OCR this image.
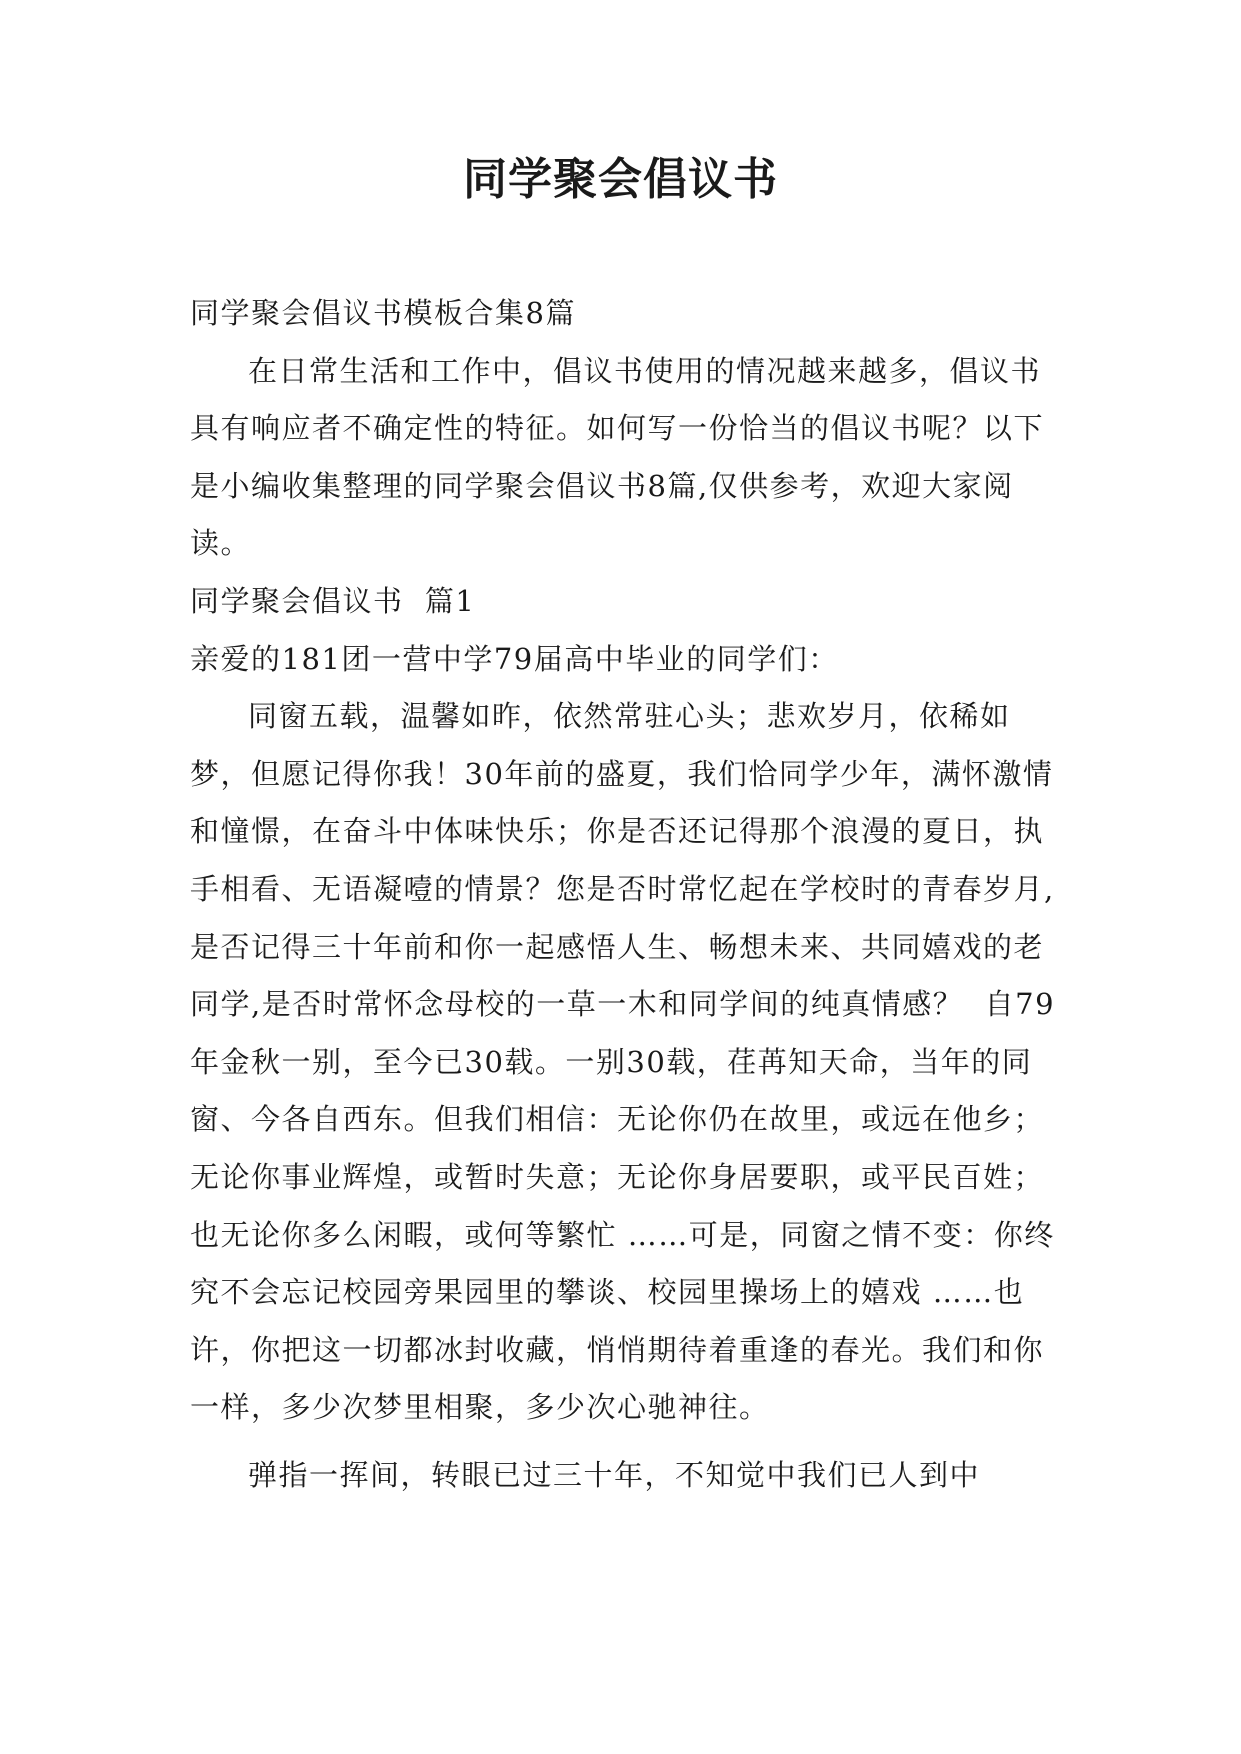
同学聚会倡议书

同学聚会倡议书模板合集8篇

在日常生活和工作中，倡议书使用的情况越来越多，倡议书具有响应者不确定性的特征。如何写一份恰当的倡议书呢？以下是小编收集整理的同学聚会倡议书8篇,仅供参考，欢迎大家阅读。

同学聚会倡议书  篇1

亲爱的181团一营中学79届高中毕业的同学们：

同窗五载，温馨如昨，依然常驻心头；悲欢岁月，依稀如梦，但愿记得你我！30年前的盛夏，我们恰同学少年，满怀激情和憧憬，在奋斗中体味快乐；你是否还记得那个浪漫的夏日，执手相看、无语凝噎的情景？您是否时常忆起在学校时的青春岁月,是否记得三十年前和你一起感悟人生、畅想未来、共同嬉戏的老同学,是否时常怀念母校的一草一木和同学间的纯真情感？  自79年金秋一别，至今已30载。一别30载，荏苒知天命，当年的同窗、今各自西东。但我们相信：无论你仍在故里，或远在他乡；无论你事业辉煌，或暂时失意；无论你身居要职，或平民百姓；也无论你多么闲暇，或何等繁忙 ……可是，同窗之情不变：你终究不会忘记校园旁果园里的攀谈、校园里操场上的嬉戏 ……也许，你把这一切都冰封收藏，悄悄期待着重逢的春光。我们和你一样，多少次梦里相聚，多少次心驰神往。

弹指一挥间，转眼已过三十年，不知觉中我们已人到中
